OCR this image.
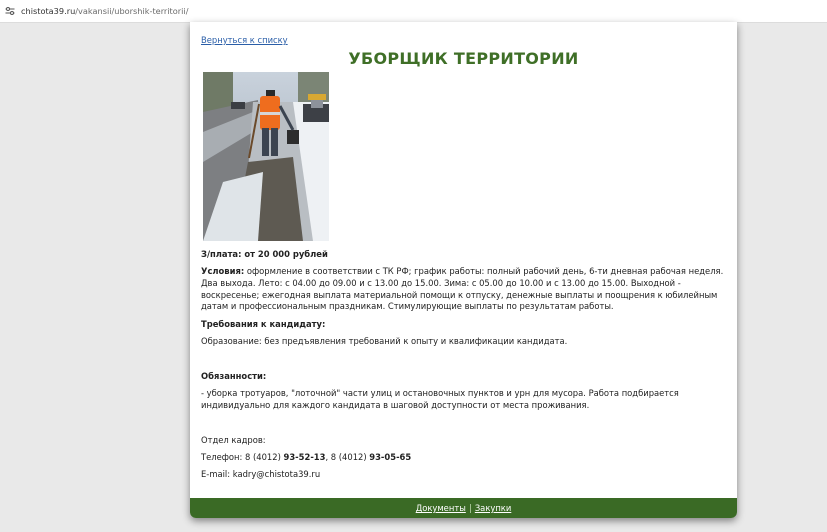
chistota39.ru/vakansii/uborshik-territorii/
Вернуться к списку
УБОРЩИК ТЕРРИТОРИИ

З/плата: от 20 000 рублей

Условия: оформление в соответствии с ТК РФ; график работы: полный рабочий день, 6-ти дневная рабочая неделя. Два выхода. Лето: с 04.00 до 09.00 и с 13.00 до 15.00. Зима: с 05.00 до 10.00 и с 13.00 до 15.00. Выходной - воскресенье; ежегодная выплата материальной помощи к отпуску, денежные выплаты и поощрения к юбилейным датам и профессиональным праздникам. Стимулирующие выплаты по результатам работы.

Требования к кандидату:

Образование: без предъявления требований к опыту и квалификации кандидата.

Обязанности:

- уборка тротуаров, "лоточной" части улиц и остановочных пунктов и урн для мусора. Работа подбирается индивидуально для каждого кандидата в шаговой доступности от места проживания.

Отдел кадров:

Телефон: 8 (4012) 93-52-13, 8 (4012) 93-05-65

E-mail: kadry@chistota39.ru

Документы Закупки
